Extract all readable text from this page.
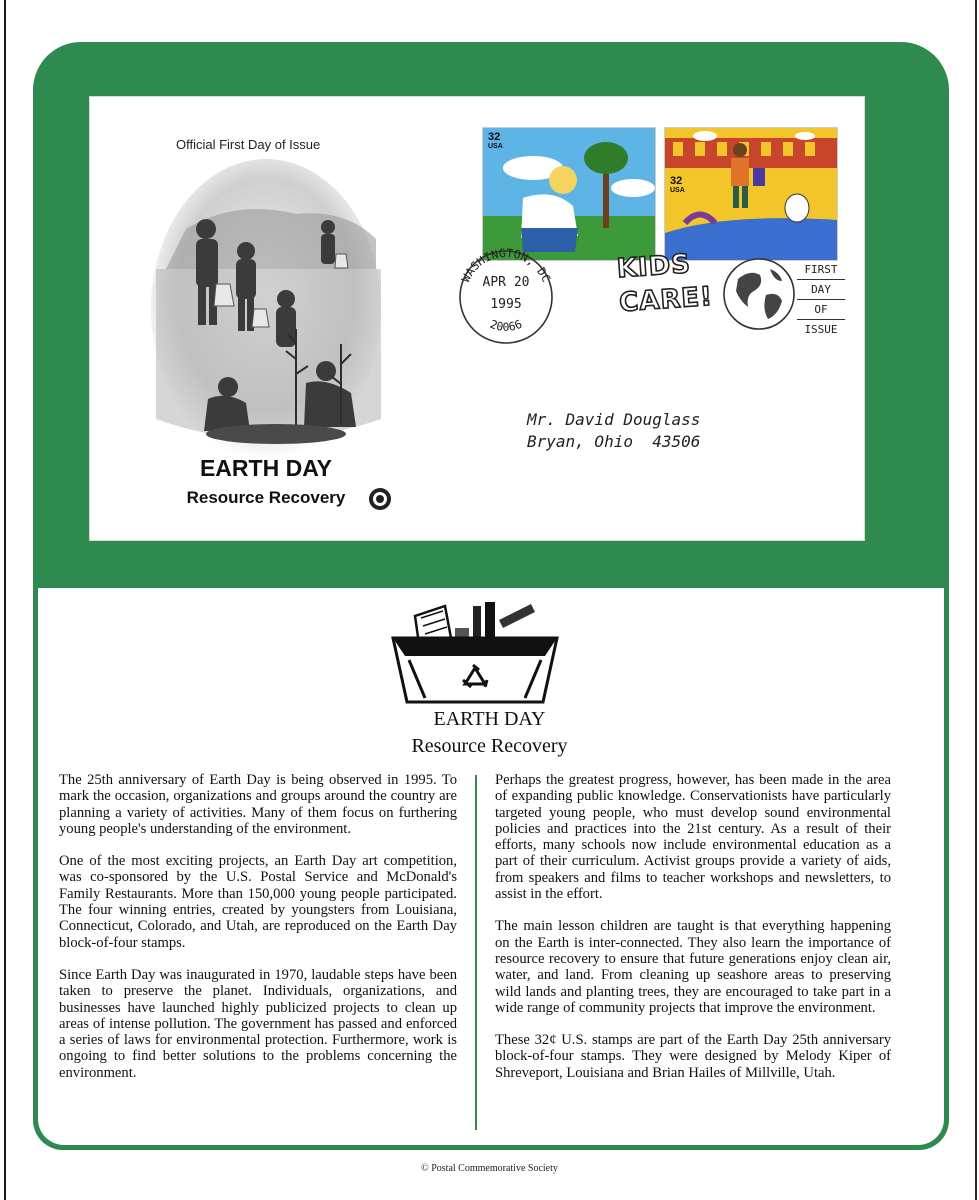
Official First Day of Issue
EARTH DAY
Resource Recovery
32
USA
32
USA
WASHINGTON, DC
20066
APR 20
1995
KIDS
CARE!
FIRST
DAY
OF
ISSUE
Mr. David Douglass
Bryan, Ohio  43506
EARTH DAY
Resource Recovery

The 25th anniversary of Earth Day is being observed in 1995. To mark the occasion, organizations and groups around the country are planning a variety of activities. Many of them focus on furthering young people's understanding of the environment.

One of the most exciting projects, an Earth Day art competition, was co-sponsored by the U.S. Postal Service and McDonald's Family Restaurants. More than 150,000 young people participated. The four winning entries, created by youngsters from Louisiana, Connecticut, Colorado, and Utah, are reproduced on the Earth Day block-of-four stamps.

Since Earth Day was inaugurated in 1970, laudable steps have been taken to preserve the planet. Individuals, organizations, and businesses have launched highly publicized projects to clean up areas of intense pollution. The government has passed and enforced a series of laws for environmental protection. Furthermore, work is ongoing to find better solutions to the problems concerning the environment.

Perhaps the greatest progress, however, has been made in the area of expanding public knowledge. Conservationists have particularly targeted young people, who must develop sound environmental policies and practices into the 21st century. As a result of their efforts, many schools now include environmental education as a part of their curriculum. Activist groups provide a variety of aids, from speakers and films to teacher workshops and newsletters, to assist in the effort.

The main lesson children are taught is that everything happening on the Earth is inter-connected. They also learn the importance of resource recovery to ensure that future generations enjoy clean air, water, and land. From cleaning up seashore areas to preserving wild lands and planting trees, they are encouraged to take part in a wide range of community projects that improve the environment.

These 32¢ U.S. stamps are part of the Earth Day 25th anniversary block-of-four stamps. They were designed by Melody Kiper of Shreveport, Louisiana and Brian Hailes of Millville, Utah.

© Postal Commemorative Society
